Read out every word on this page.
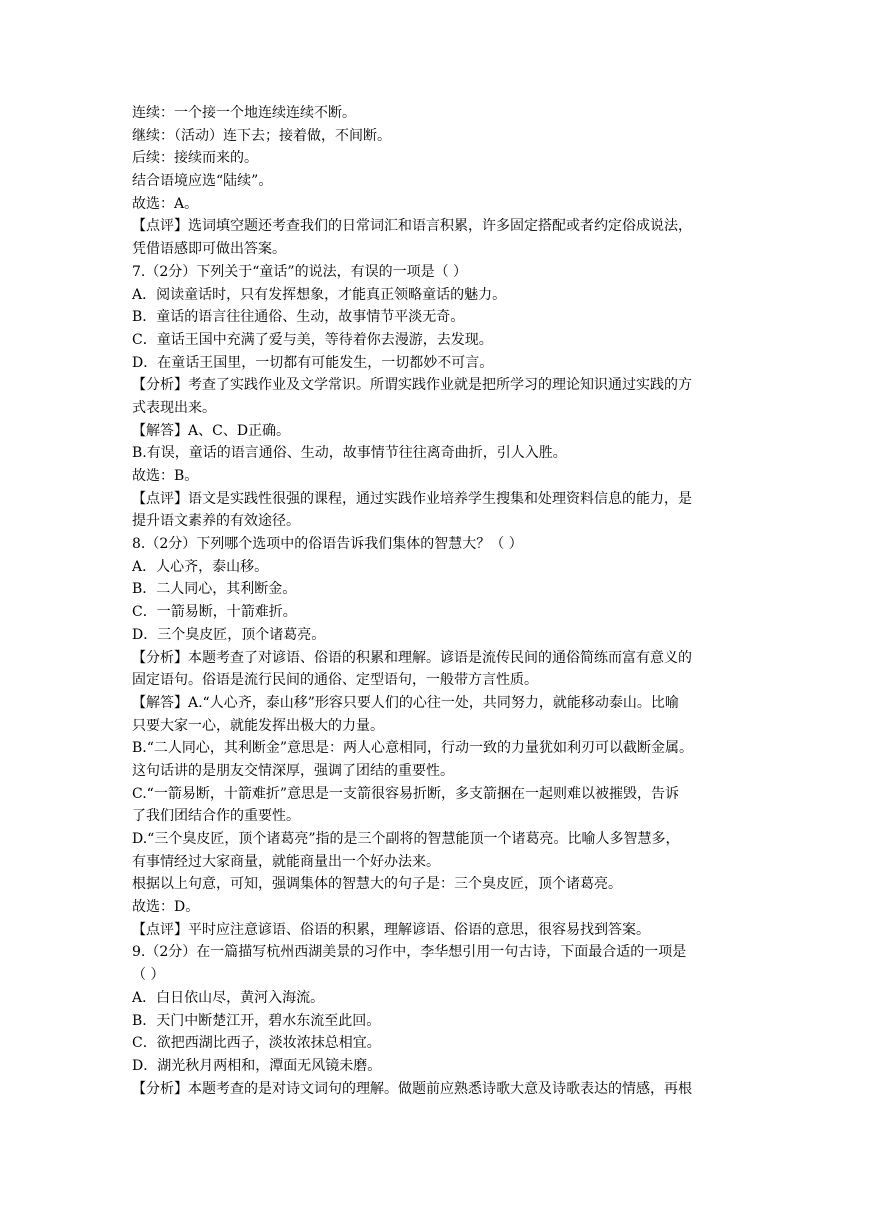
连续：一个接一个地连续连续不断。
继续：（活动）连下去；接着做，不间断。
后续：接续而来的。
结合语境应选“陆续”。
故选：A。
【点评】选词填空题还考查我们的日常词汇和语言积累，许多固定搭配或者约定俗成说法，
凭借语感即可做出答案。
7.（2分）下列关于“童话”的说法，有误的一项是（ ）
A．阅读童话时，只有发挥想象，才能真正领略童话的魅力。
B．童话的语言往往通俗、生动，故事情节平淡无奇。
C．童话王国中充满了爱与美，等待着你去漫游，去发现。
D．在童话王国里，一切都有可能发生，一切都妙不可言。
【分析】考查了实践作业及文学常识。所谓实践作业就是把所学习的理论知识通过实践的方
式表现出来。
【解答】A、C、D正确。
B.有误，童话的语言通俗、生动，故事情节往往离奇曲折，引人入胜。
故选：B。
【点评】语文是实践性很强的课程，通过实践作业培养学生搜集和处理资料信息的能力，是
提升语文素养的有效途径。
8.（2分）下列哪个选项中的俗语告诉我们集体的智慧大？（ ）
A．人心齐，泰山移。
B．二人同心，其利断金。
C．一箭易断，十箭难折。
D．三个臭皮匠，顶个诸葛亮。
【分析】本题考查了对谚语、俗语的积累和理解。谚语是流传民间的通俗简练而富有意义的
固定语句。俗语是流行民间的通俗、定型语句，一般带方言性质。
【解答】A.“人心齐，泰山移”形容只要人们的心往一处，共同努力，就能移动泰山。比喻
只要大家一心，就能发挥出极大的力量。
B.“二人同心，其利断金”意思是：两人心意相同，行动一致的力量犹如利刃可以截断金属。
这句话讲的是朋友交情深厚，强调了团结的重要性。
C.“一箭易断，十箭难折”意思是一支箭很容易折断，多支箭捆在一起则难以被摧毁，告诉
了我们团结合作的重要性。
D.“三个臭皮匠，顶个诸葛亮”指的是三个副将的智慧能顶一个诸葛亮。比喻人多智慧多，
有事情经过大家商量，就能商量出一个好办法来。
根据以上句意，可知，强调集体的智慧大的句子是：三个臭皮匠，顶个诸葛亮。
故选：D。
【点评】平时应注意谚语、俗语的积累，理解谚语、俗语的意思，很容易找到答案。
9.（2分）在一篇描写杭州西湖美景的习作中，李华想引用一句古诗，下面最合适的一项是
（ ）
A．白日依山尽，黄河入海流。
B．天门中断楚江开，碧水东流至此回。
C．欲把西湖比西子，淡妆浓抹总相宜。
D．湖光秋月两相和，潭面无风镜未磨。
【分析】本题考查的是对诗文词句的理解。做题前应熟悉诗歌大意及诗歌表达的情感，再根
